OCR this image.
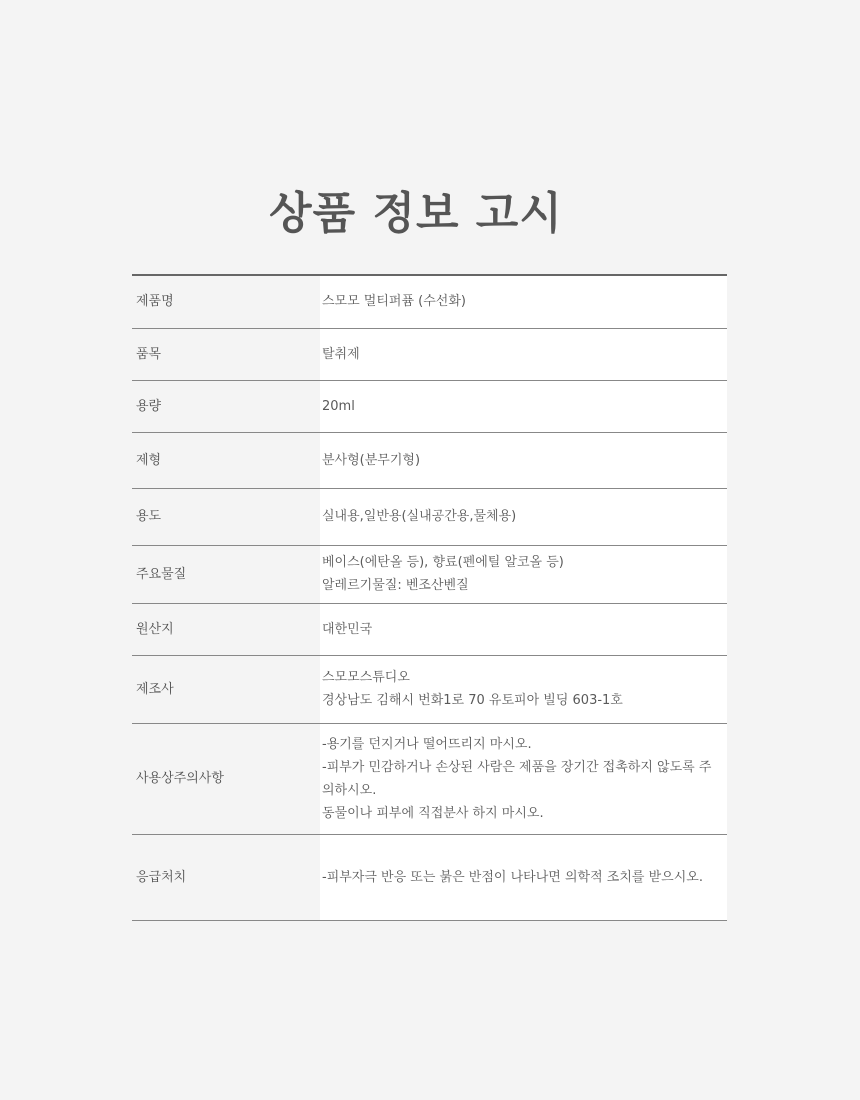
상품 정보 고시
제품명	스모모 멀티퍼퓸 (수선화)

품목	탈취제

용량	20ml

제형	분사형(분무기형)

용도	실내용,일반용(실내공간용,물체용)

주요물질	베이스(에탄올 등), 향료(펜에틸 알코올 등)
알레르기물질: 벤조산벤질

원산지	대한민국

제조사	스모모스튜디오
경상남도 김해시 번화1로 70 유토피아 빌딩 603-1호

사용상주의사항	-용기를 던지거나 떨어뜨리지 마시오.
-피부가 민감하거나 손상된 사람은 제품을 장기간 접촉하지 않도록 주
의하시오.
동물이나 피부에 직접분사 하지 마시오.

응급처치	-피부자극 반응 또는 붉은 반점이 나타나면 의학적 조치를 받으시오.
